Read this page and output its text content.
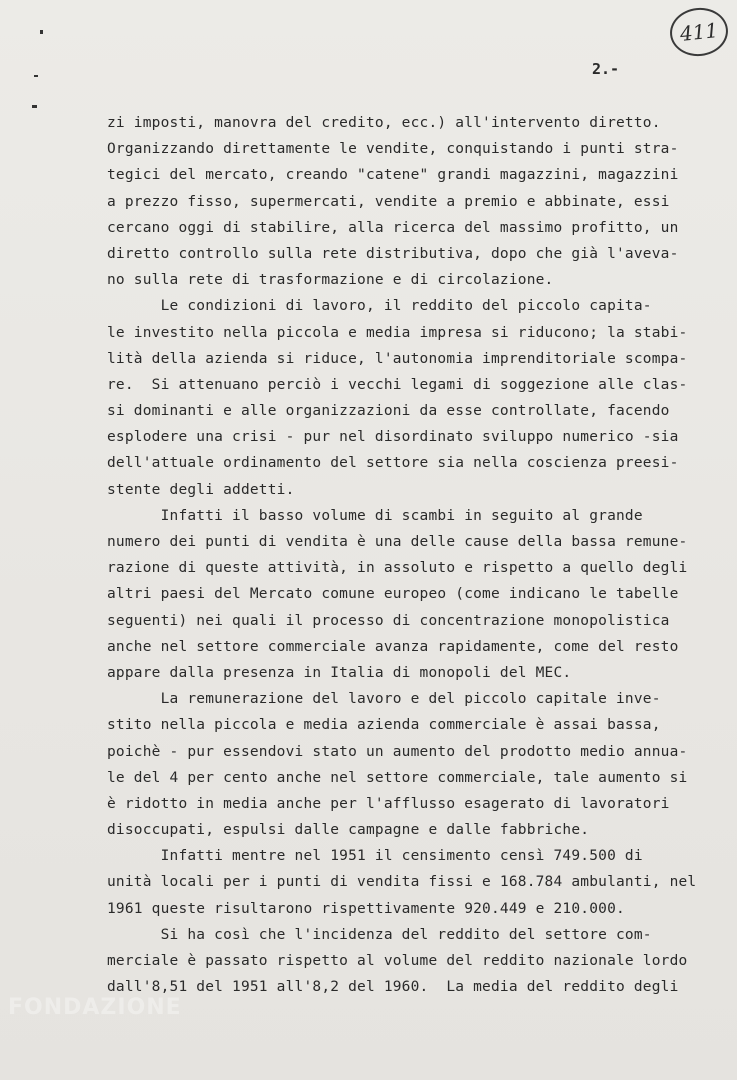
411
2.-
zi imposti, manovra del credito, ecc.) all'intervento diretto.
Organizzando direttamente le vendite, conquistando i punti stra-
tegici del mercato, creando "catene" grandi magazzini, magazzini
a prezzo fisso, supermercati, vendite a premio e abbinate, essi
cercano oggi di stabilire, alla ricerca del massimo profitto, un
diretto controllo sulla rete distributiva, dopo che già l'aveva-
no sulla rete di trasformazione e di circolazione.
Le condizioni di lavoro, il reddito del piccolo capita-
le investito nella piccola e media impresa si riducono; la stabi-
lità della azienda si riduce, l'autonomia imprenditoriale scompa-
re.  Si attenuano perciò i vecchi legami di soggezione alle clas-
si dominanti e alle organizzazioni da esse controllate, facendo
esplodere una crisi - pur nel disordinato sviluppo numerico -sia
dell'attuale ordinamento del settore sia nella coscienza preesi-
stente degli addetti.
Infatti il basso volume di scambi in seguito al grande
numero dei punti di vendita è una delle cause della bassa remune-
razione di queste attività, in assoluto e rispetto a quello degli
altri paesi del Mercato comune europeo (come indicano le tabelle
seguenti) nei quali il processo di concentrazione monopolistica
anche nel settore commerciale avanza rapidamente, come del resto
appare dalla presenza in Italia di monopoli del MEC.
La remunerazione del lavoro e del piccolo capitale inve-
stito nella piccola e media azienda commerciale è assai bassa,
poichè - pur essendovi stato un aumento del prodotto medio annua-
le del 4 per cento anche nel settore commerciale, tale aumento si
è ridotto in media anche per l'afflusso esagerato di lavoratori
disoccupati, espulsi dalle campagne e dalle fabbriche.
Infatti mentre nel 1951 il censimento censì 749.500 di
unità locali per i punti di vendita fissi e 168.784 ambulanti, nel
1961 queste risultarono rispettivamente 920.449 e 210.000.
Si ha così che l'incidenza del reddito del settore com-
merciale è passato rispetto al volume del reddito nazionale lordo
dall'8,51 del 1951 all'8,2 del 1960.  La media del reddito degli
FONDAZIONE
